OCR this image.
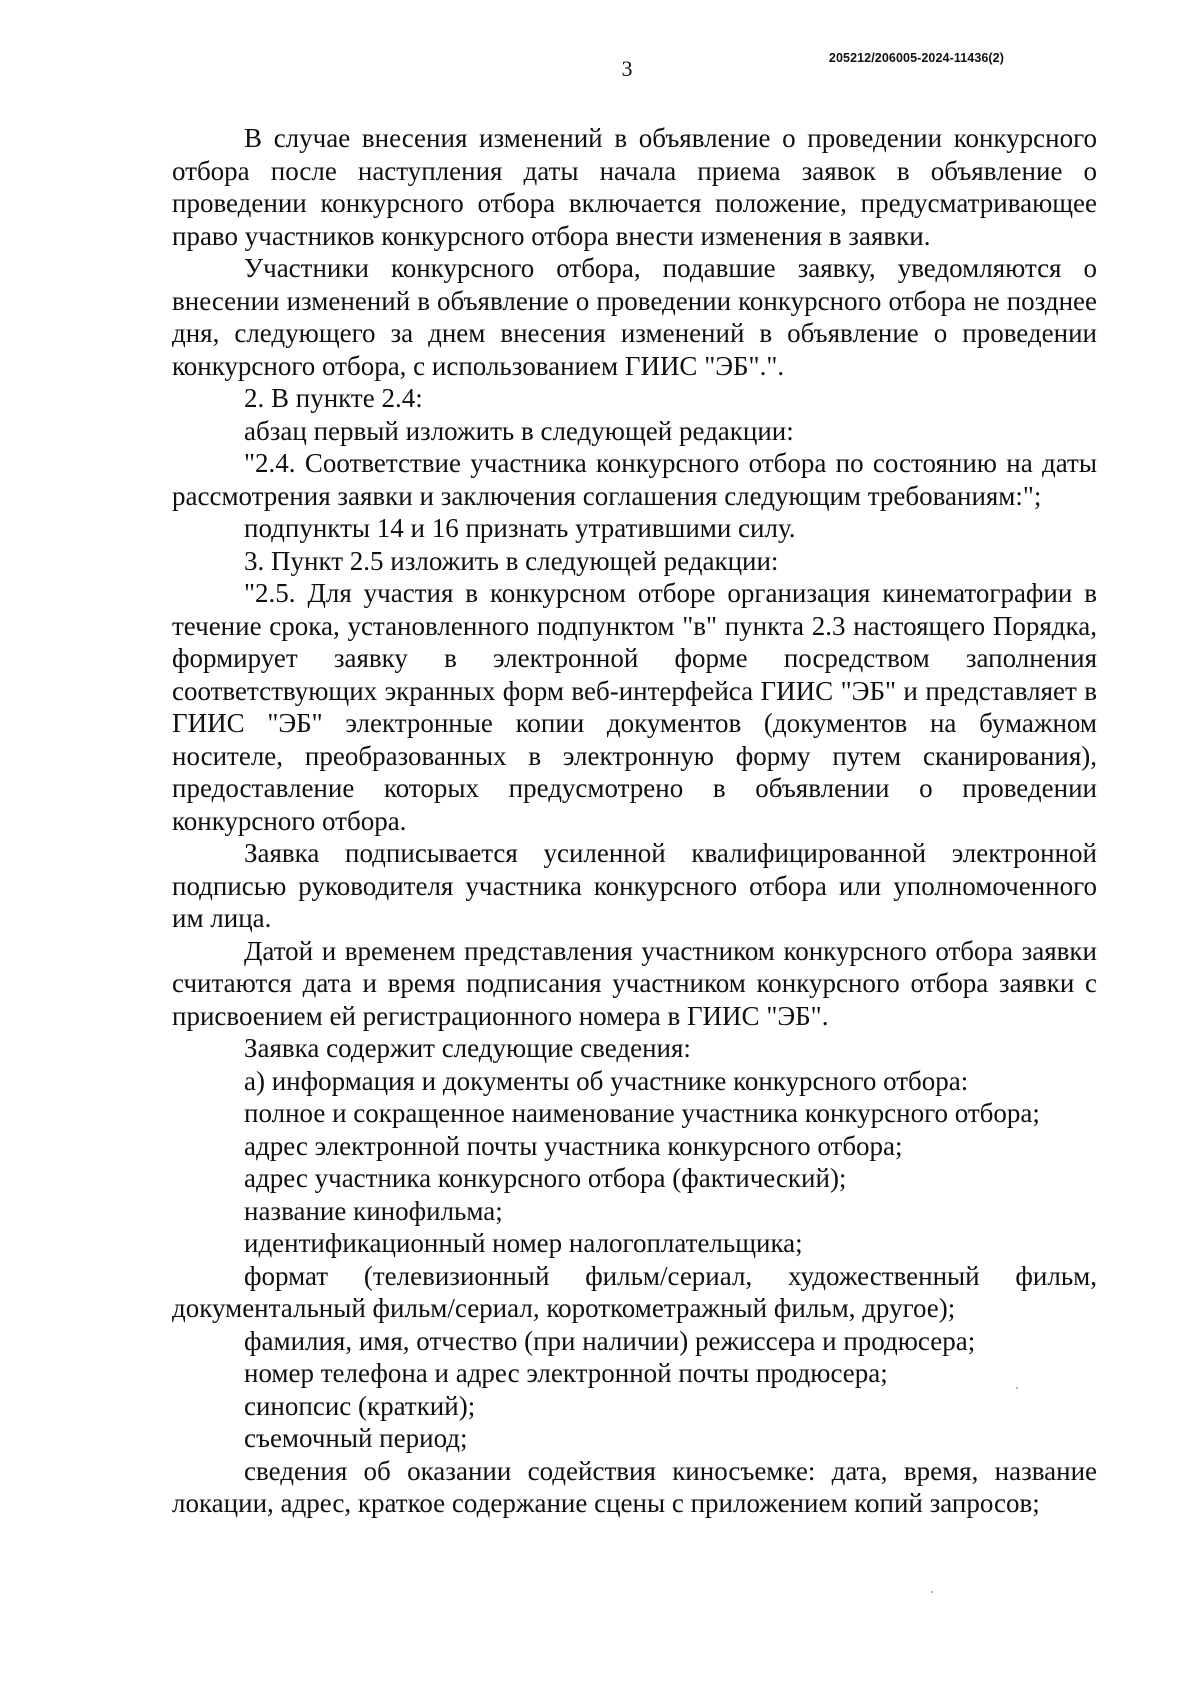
3	205212/206005-2024-11436(2)

В случае внесения изменений в объявление о проведении конкурсного отбора после наступления даты начала приема заявок в объявление о проведении конкурсного отбора включается положение, предусматривающее право участников конкурсного отбора внести изменения в заявки.

Участники конкурсного отбора, подавшие заявку, уведомляются о внесении изменений в объявление о проведении конкурсного отбора не позднее дня, следующего за днем внесения изменений в объявление о проведении конкурсного отбора, с использованием ГИИС "ЭБ".".

2. В пункте 2.4:

абзац первый изложить в следующей редакции:

"2.4. Соответствие участника конкурсного отбора по состоянию на даты рассмотрения заявки и заключения соглашения следующим требованиям:";

подпункты 14 и 16 признать утратившими силу.

3. Пункт 2.5 изложить в следующей редакции:

"2.5. Для участия в конкурсном отборе организация кинематографии в течение срока, установленного подпунктом "в" пункта 2.3 настоящего Порядка, формирует заявку в электронной форме посредством заполнения соответствующих экранных форм веб-интерфейса ГИИС "ЭБ" и представляет в ГИИС "ЭБ" электронные копии документов (документов на бумажном носителе, преобразованных в электронную форму путем сканирования), предоставление которых предусмотрено в объявлении о проведении конкурсного отбора.

Заявка подписывается усиленной квалифицированной электронной подписью руководителя участника конкурсного отбора или уполномоченного им лица.

Датой и временем представления участником конкурсного отбора заявки считаются дата и время подписания участником конкурсного отбора заявки с присвоением ей регистрационного номера в ГИИС "ЭБ".

Заявка содержит следующие сведения:

а) информация и документы об участнике конкурсного отбора:

полное и сокращенное наименование участника конкурсного отбора;

адрес электронной почты участника конкурсного отбора;

адрес участника конкурсного отбора (фактический);

название кинофильма;

идентификационный номер налогоплательщика;

формат (телевизионный фильм/сериал, художественный фильм, документальный фильм/сериал, короткометражный фильм, другое);

фамилия, имя, отчество (при наличии) режиссера и продюсера;

номер телефона и адрес электронной почты продюсера;

синопсис (краткий);

съемочный период;

сведения об оказании содействия киносъемке: дата, время, название локации, адрес, краткое содержание сцены с приложением копий запросов;
